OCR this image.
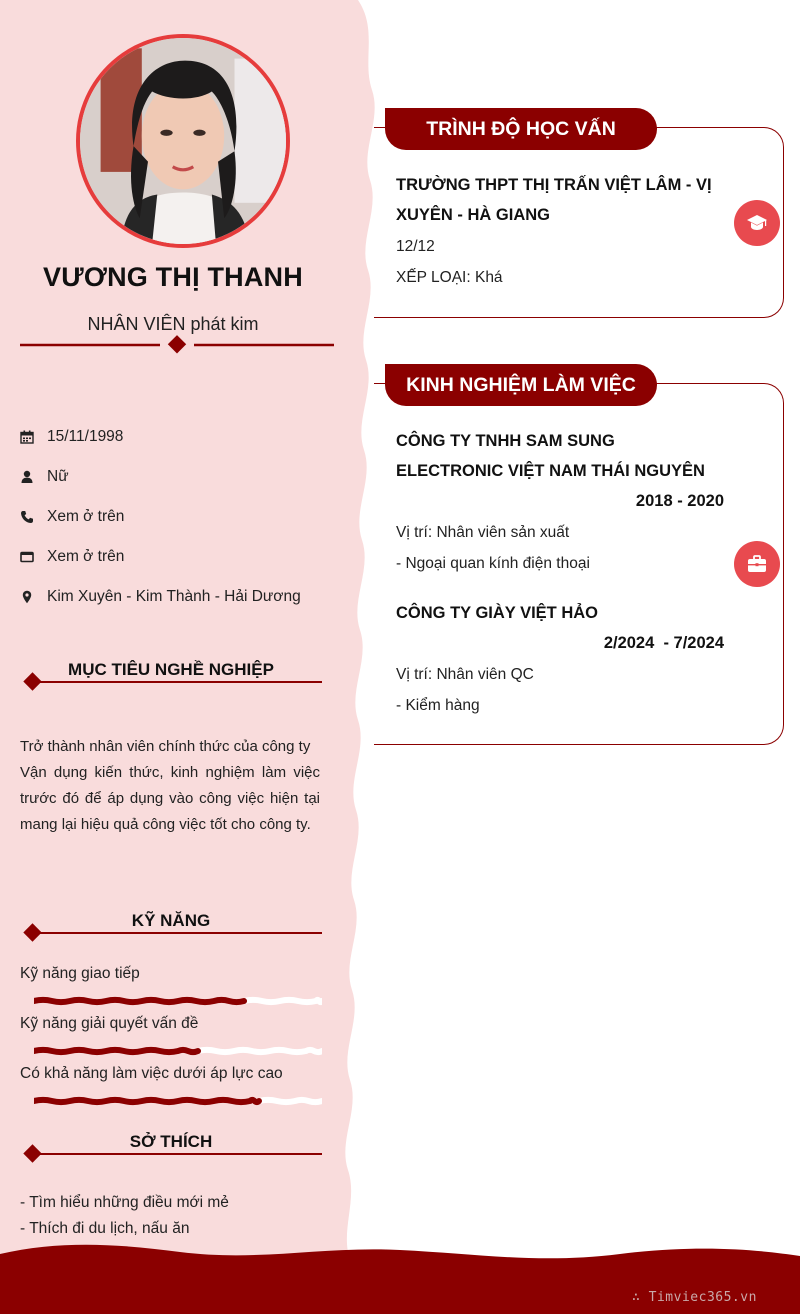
VƯƠNG THỊ THANH
NHÂN VIÊN phát kim
15/11/1998
Nữ
Xem ở trên
Xem ở trên
Kim Xuyên - Kim Thành - Hải Dương
MỤC TIÊU NGHỀ NGHIỆP

Trở thành nhân viên chính thức của công ty

Vận dụng kiến thức, kinh nghiệm làm việc trước đó để áp dụng vào công việc hiện tại mang lại hiệu quả công việc tốt cho công ty.

KỸ NĂNG
Kỹ năng giao tiếp
Kỹ năng giải quyết vấn đề
Có khả năng làm việc dưới áp lực cao
SỞ THÍCH
- Tìm hiểu những điều mới mẻ
- Thích đi du lịch, nấu ăn
TRÌNH ĐỘ HỌC VẤN
TRƯỜNG THPT THỊ TRẤN VIỆT LÂM - VỊ XUYÊN - HÀ GIANG
12/12
XẾP LOẠI: Khá
KINH NGHIỆM LÀM VIỆC
CÔNG TY TNHH SAM SUNG ELECTRONIC VIỆT NAM THÁI NGUYÊN
2018 - 2020
Vị trí: Nhân viên sản xuất
- Ngoại quan kính điện thoại
CÔNG TY GIÀY VIỆT HẢO
2/2024  - 7/2024
Vị trí: Nhân viên QC
- Kiểm hàng
∴ Timviec365.vn
